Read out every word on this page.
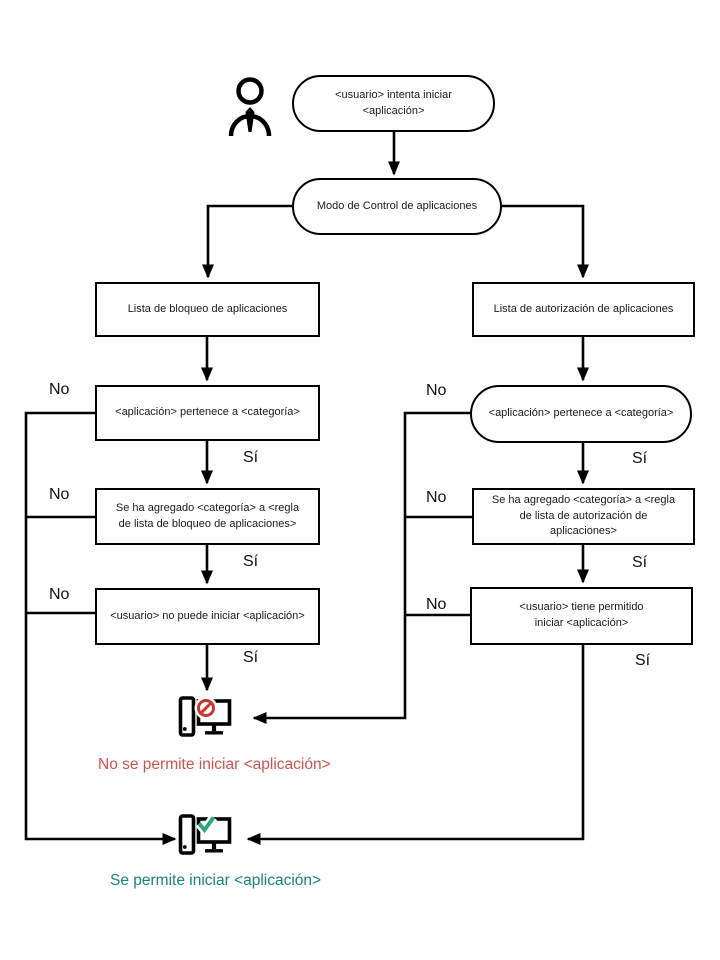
<usuario> intenta iniciar <aplicación>
Modo de Control de aplicaciones
Lista de bloqueo de aplicaciones	Lista de autorización de aplicaciones
<aplicación> pertenece a <categoría>	<aplicación> pertenece a <categoría>
Se ha agregado <categoría> a <regla de lista de bloqueo de aplicaciones>
Se ha agregado <categoría> a <regla de lista de autorización de aplicaciones>
<usuario> no puede iniciar <aplicación>
<usuario> tiene permitido iniciar <aplicación>
No
No
No
No
No
No
Sí
Sí
Sí
Sí
Sí
Sí
No se permite iniciar <aplicación>
Se permite iniciar <aplicación>
